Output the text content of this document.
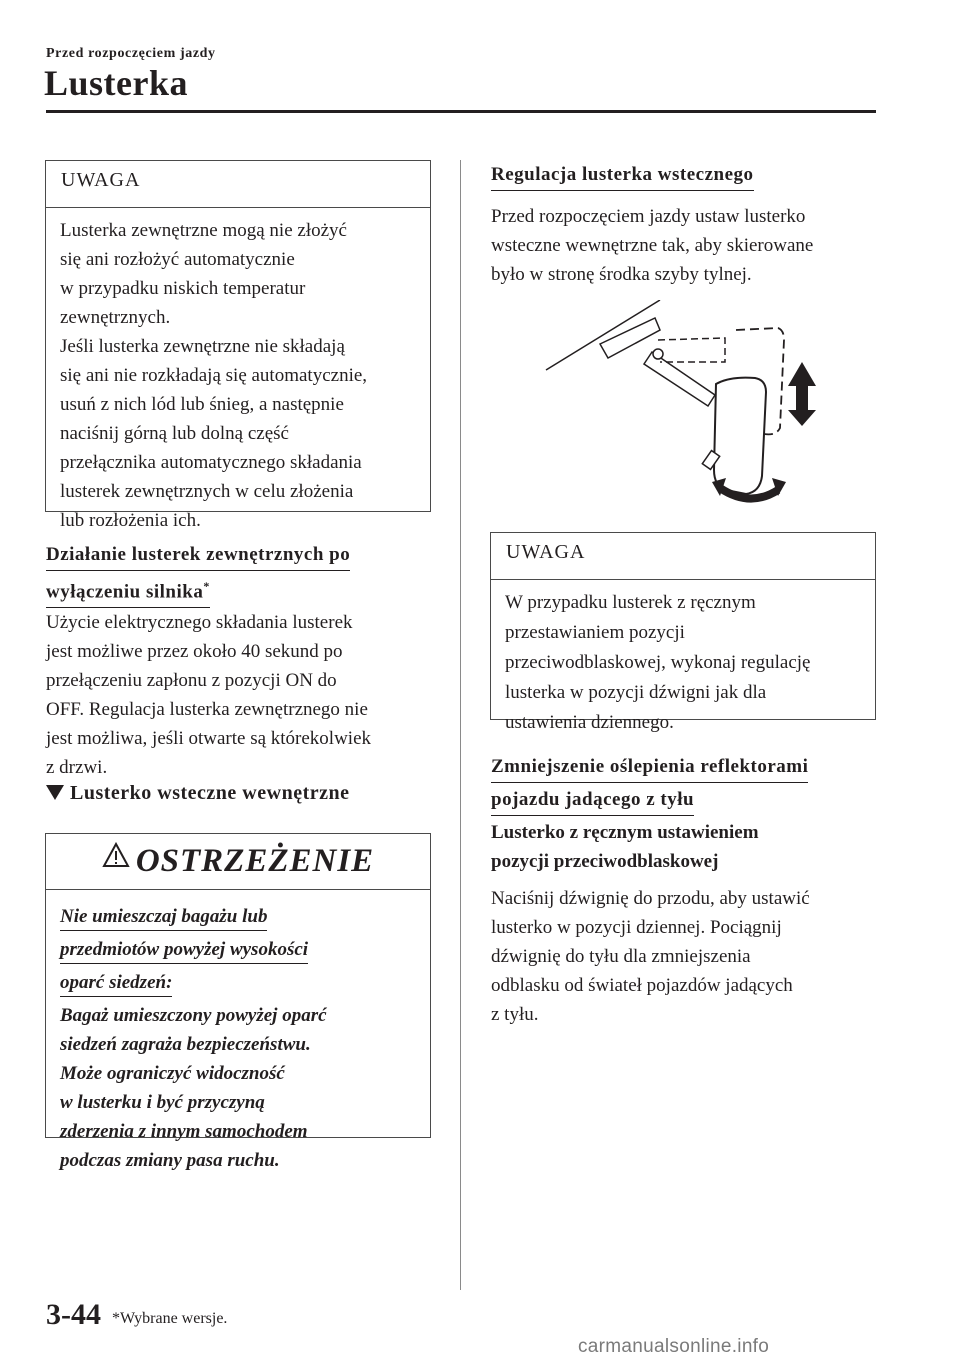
Przed rozpoczęciem jazdy
Lusterka
UWAGA

Lusterka zewnętrzne mogą nie złożyć

się ani rozłożyć automatycznie

w przypadku niskich temperatur

zewnętrznych.

Jeśli lusterka zewnętrzne nie składają

się ani nie rozkładają się automatycznie,

usuń z nich lód lub śnieg, a następnie

naciśnij górną lub dolną część

przełącznika automatycznego składania

lusterek zewnętrznych w celu złożenia

lub rozłożenia ich.

Działanie lusterek zewnętrznych po
wyłączeniu silnika*
Użycie elektrycznego składania lusterek
jest możliwe przez około 40 sekund po
przełączeniu zapłonu z pozycji ON do
OFF. Regulacja lusterka zewnętrznego nie
jest możliwa, jeśli otwarte są którekolwiek
z drzwi.
Lusterko wsteczne wewnętrzne
OSTRZEŻENIE
Nie umieszczaj bagażu lub
przedmiotów powyżej wysokości
oparć siedzeń:
Bagaż umieszczony powyżej oparć
siedzeń zagraża bezpieczeństwu.
Może ograniczyć widoczność
w lusterku i być przyczyną
zderzenia z innym samochodem
podczas zmiany pasa ruchu.
Regulacja lusterka wstecznego
Przed rozpoczęciem jazdy ustaw lusterko
wsteczne wewnętrzne tak, aby skierowane
było w stronę środka szyby tylnej.
UWAGA

W przypadku lusterek z ręcznym

przestawianiem pozycji

przeciwodblaskowej, wykonaj regulację

lusterka w pozycji dźwigni jak dla

ustawienia dziennego.

Zmniejszenie oślepienia reflektorami
pojazdu jadącego z tyłu
Lusterko z ręcznym ustawieniem
pozycji przeciwodblaskowej
Naciśnij dźwignię do przodu, aby ustawić
lusterko w pozycji dziennej. Pociągnij
dźwignię do tyłu dla zmniejszenia
odblasku od świateł pojazdów jadących
z tyłu.
3-44 *Wybrane wersje.
carmanualsonline.info
